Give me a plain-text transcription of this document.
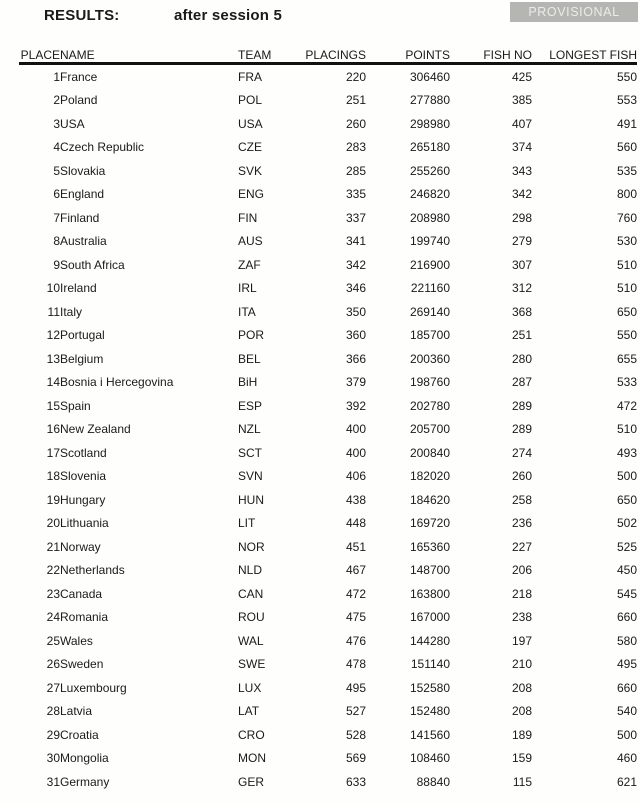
RESULTS:	after session 5	PROVISIONAL
PLACE	NAME	TEAM	PLACINGS	POINTS	FISH NO	LONGEST FISH
1	France	FRA	220	306460	425	550
2	Poland	POL	251	277880	385	553
3	USA	USA	260	298980	407	491
4	Czech Republic	CZE	283	265180	374	560
5	Slovakia	SVK	285	255260	343	535
6	England	ENG	335	246820	342	800
7	Finland	FIN	337	208980	298	760
8	Australia	AUS	341	199740	279	530
9	South Africa	ZAF	342	216900	307	510
10	Ireland	IRL	346	221160	312	510
11	Italy	ITA	350	269140	368	650
12	Portugal	POR	360	185700	251	550
13	Belgium	BEL	366	200360	280	655
14	Bosnia i Hercegovina	BiH	379	198760	287	533
15	Spain	ESP	392	202780	289	472
16	New Zealand	NZL	400	205700	289	510
17	Scotland	SCT	400	200840	274	493
18	Slovenia	SVN	406	182020	260	500
19	Hungary	HUN	438	184620	258	650
20	Lithuania	LIT	448	169720	236	502
21	Norway	NOR	451	165360	227	525
22	Netherlands	NLD	467	148700	206	450
23	Canada	CAN	472	163800	218	545
24	Romania	ROU	475	167000	238	660
25	Wales	WAL	476	144280	197	580
26	Sweden	SWE	478	151140	210	495
27	Luxembourg	LUX	495	152580	208	660
28	Latvia	LAT	527	152480	208	540
29	Croatia	CRO	528	141560	189	500
30	Mongolia	MON	569	108460	159	460
31	Germany	GER	633	88840	115	621
